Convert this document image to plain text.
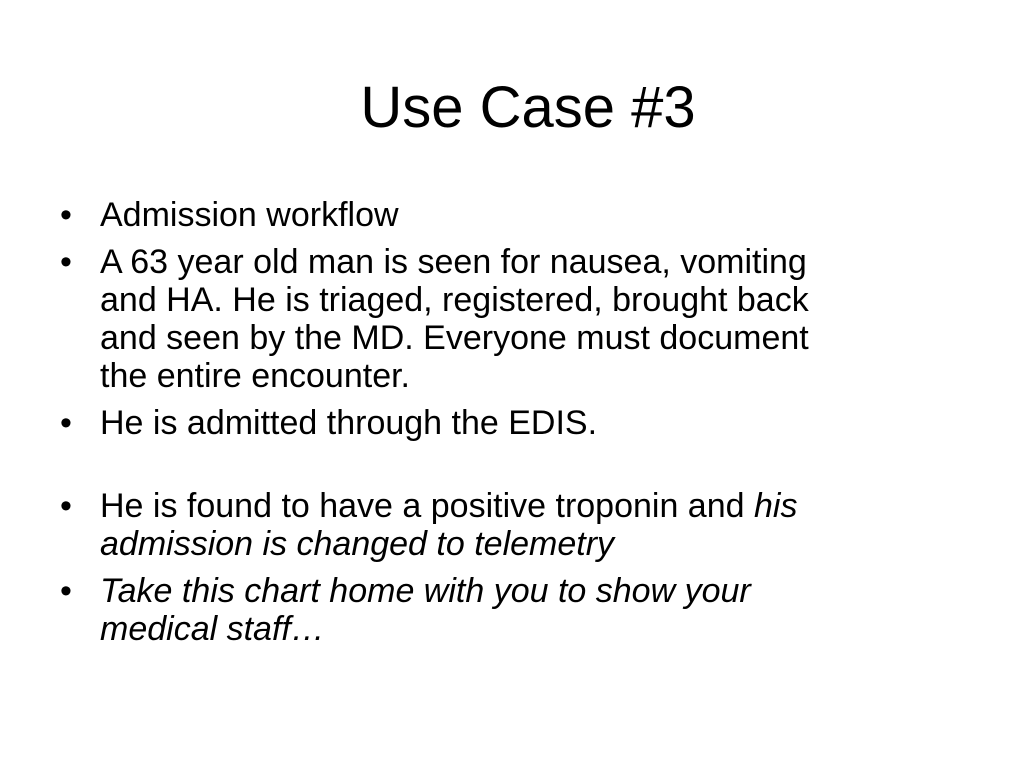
Use Case #3
• Admission workflow
• A 63 year old man is seen for nausea, vomiting
and HA. He is triaged, registered, brought back
and seen by the MD. Everyone must document
the entire encounter.
• He is admitted through the EDIS.
• He is found to have a positive troponin and his
admission is changed to telemetry
• Take this chart home with you to show your
medical staff…
